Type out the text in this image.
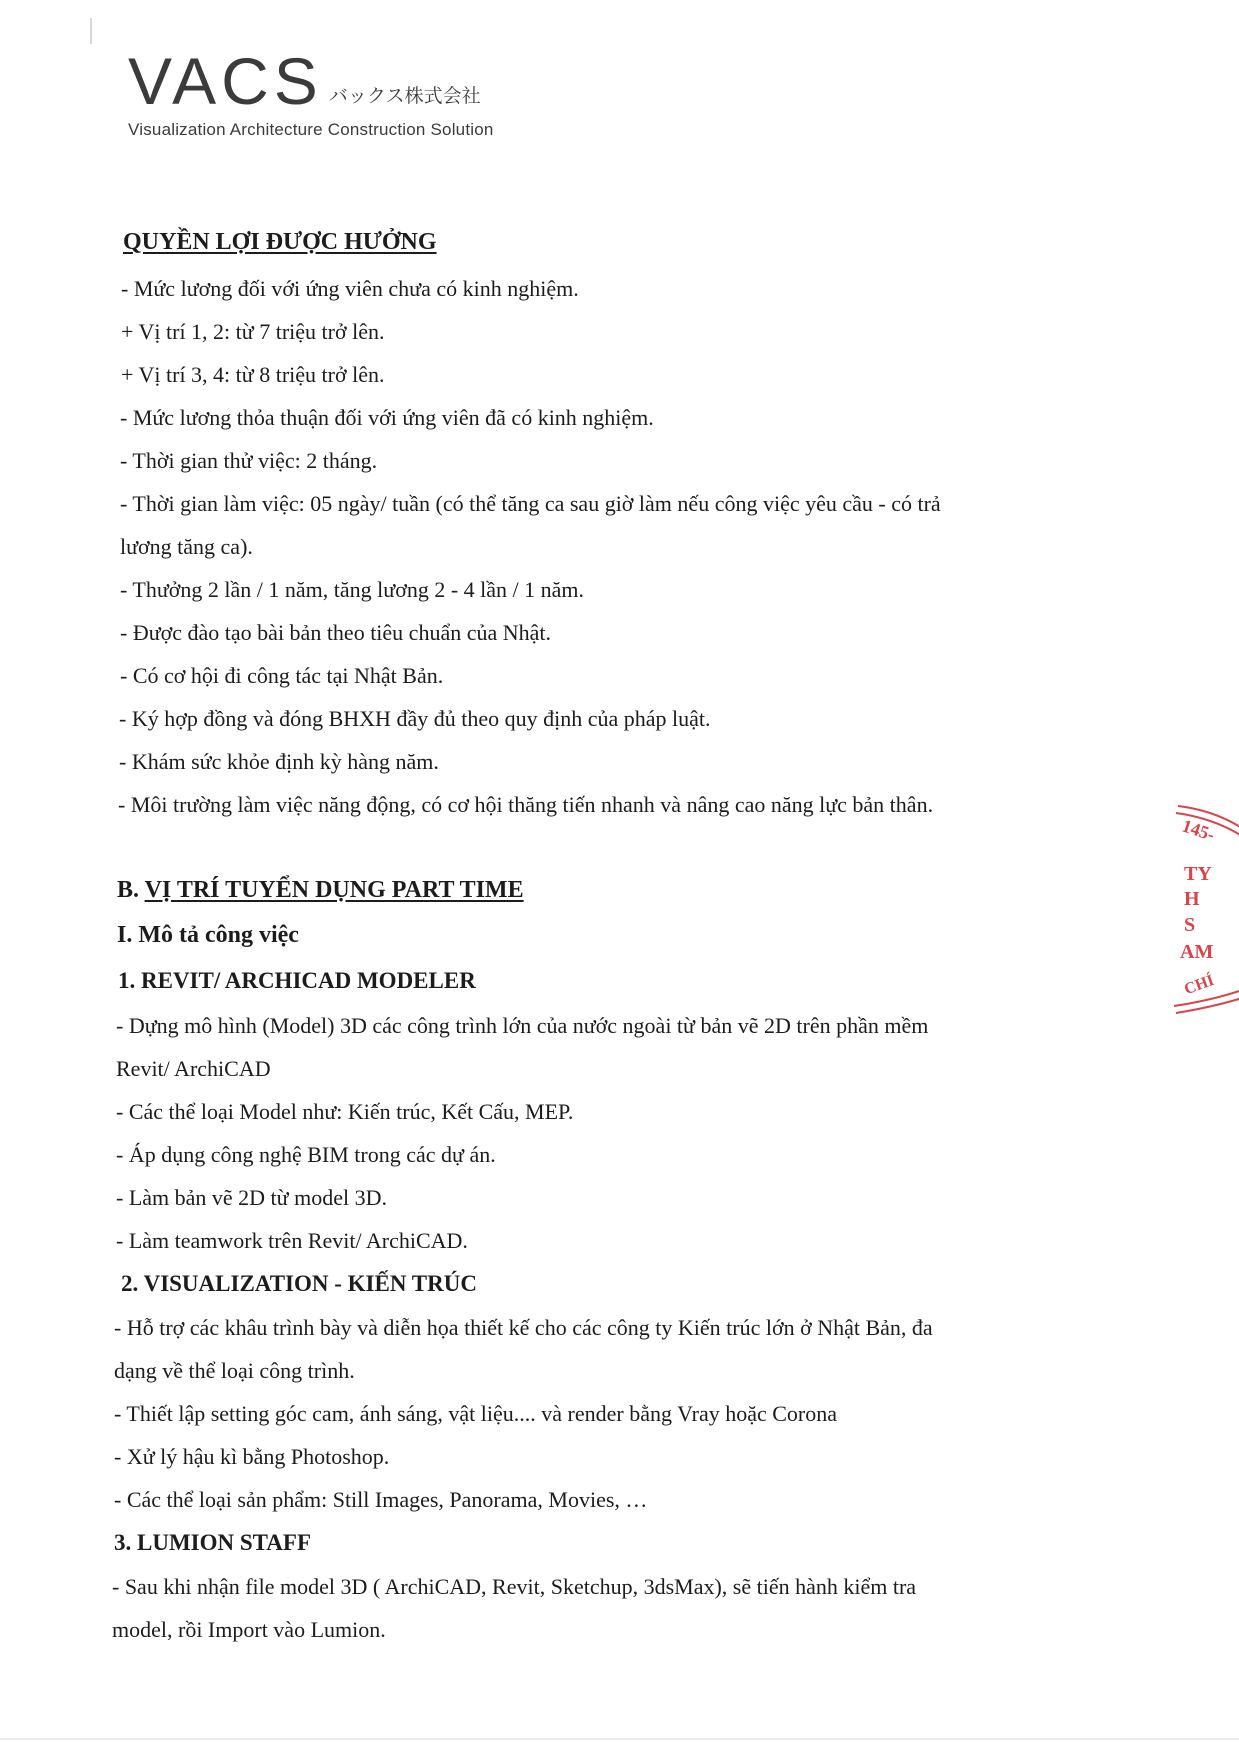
VACS バックス株式会社
Visualization Architecture Construction Solution
QUYỀN LỢI ĐƯỢC HƯỞNG
- Mức lương đối với ứng viên chưa có kinh nghiệm.
+ Vị trí 1, 2: từ 7 triệu trở lên.
+ Vị trí 3, 4: từ 8 triệu trở lên.
- Mức lương thỏa thuận đối với ứng viên đã có kinh nghiệm.
- Thời gian thử việc: 2 tháng.
- Thời gian làm việc: 05 ngày/ tuần (có thể tăng ca sau giờ làm nếu công việc yêu cầu - có trả
lương tăng ca).
- Thưởng 2 lần / 1 năm, tăng lương 2 - 4 lần / 1 năm.
- Được đào tạo bài bản theo tiêu chuẩn của Nhật.
- Có cơ hội đi công tác tại Nhật Bản.
- Ký hợp đồng và đóng BHXH đầy đủ theo quy định của pháp luật.
- Khám sức khỏe định kỳ hàng năm.
- Môi trường làm việc năng động, có cơ hội thăng tiến nhanh và nâng cao năng lực bản thân.
B. VỊ TRÍ TUYỂN DỤNG PART TIME
I. Mô tả công việc
1. REVIT/ ARCHICAD MODELER
- Dựng mô hình (Model) 3D các công trình lớn của nước ngoài từ bản vẽ 2D trên phần mềm
Revit/ ArchiCAD
- Các thể loại Model như: Kiến trúc, Kết Cấu, MEP.
- Áp dụng công nghệ BIM trong các dự án.
- Làm bản vẽ 2D từ model 3D.
- Làm teamwork trên Revit/ ArchiCAD.
2. VISUALIZATION - KIẾN TRÚC
- Hỗ trợ các khâu trình bày và diễn họa thiết kế cho các công ty Kiến trúc lớn ở Nhật Bản, đa
dạng về thể loại công trình.
- Thiết lập setting góc cam, ánh sáng, vật liệu.... và render bằng Vray hoặc Corona
- Xử lý hậu kì bằng Photoshop.
- Các thể loại sản phẩm: Still Images, Panorama, Movies, …
3. LUMION STAFF
- Sau khi nhận file model 3D ( ArchiCAD, Revit, Sketchup, 3dsMax), sẽ tiến hành kiểm tra
model, rồi Import vào Lumion.
145-
TY
H
S
AM
CHÍ
